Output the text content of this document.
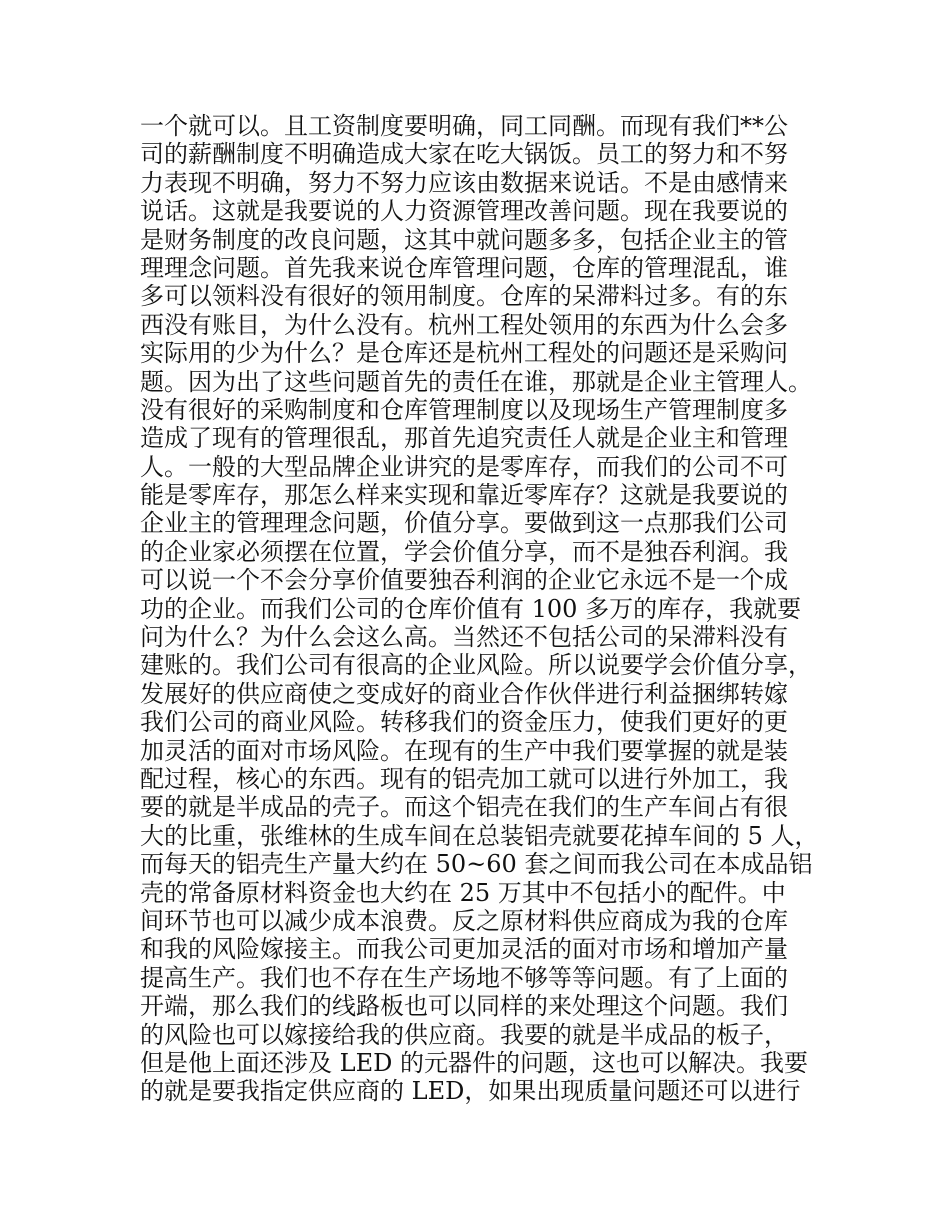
一个就可以。且工资制度要明确，同工同酬。而现有我们**公
司的薪酬制度不明确造成大家在吃大锅饭。员工的努力和不努
力表现不明确，努力不努力应该由数据来说话。不是由感情来
说话。这就是我要说的人力资源管理改善问题。现在我要说的
是财务制度的改良问题，这其中就问题多多，包括企业主的管
理理念问题。首先我来说仓库管理问题，仓库的管理混乱，谁
多可以领料没有很好的领用制度。仓库的呆滞料过多。有的东
西没有账目，为什么没有。杭州工程处领用的东西为什么会多
实际用的少为什么？是仓库还是杭州工程处的问题还是采购问
题。因为出了这些问题首先的责任在谁，那就是企业主管理人。
没有很好的采购制度和仓库管理制度以及现场生产管理制度多
造成了现有的管理很乱，那首先追究责任人就是企业主和管理
人。一般的大型品牌企业讲究的是零库存，而我们的公司不可
能是零库存，那怎么样来实现和靠近零库存？这就是我要说的
企业主的管理理念问题，价值分享。要做到这一点那我们公司
的企业家必须摆在位置，学会价值分享，而不是独吞利润。我
可以说一个不会分享价值要独吞利润的企业它永远不是一个成
功的企业。而我们公司的仓库价值有 100 多万的库存，我就要
问为什么？为什么会这么高。当然还不包括公司的呆滞料没有
建账的。我们公司有很高的企业风险。所以说要学会价值分享，
发展好的供应商使之变成好的商业合作伙伴进行利益捆绑转嫁
我们公司的商业风险。转移我们的资金压力，使我们更好的更
加灵活的面对市场风险。在现有的生产中我们要掌握的就是装
配过程，核心的东西。现有的铝壳加工就可以进行外加工，我
要的就是半成品的壳子。而这个铝壳在我们的生产车间占有很
大的比重，张维林的生成车间在总装铝壳就要花掉车间的 5 人，
而每天的铝壳生产量大约在 50~60 套之间而我公司在本成品铝
壳的常备原材料资金也大约在 25 万其中不包括小的配件。中
间环节也可以减少成本浪费。反之原材料供应商成为我的仓库
和我的风险嫁接主。而我公司更加灵活的面对市场和增加产量
提高生产。我们也不存在生产场地不够等等问题。有了上面的
开端，那么我们的线路板也可以同样的来处理这个问题。我们
的风险也可以嫁接给我的供应商。我要的就是半成品的板子，
但是他上面还涉及 LED 的元器件的问题，这也可以解决。我要
的就是要我指定供应商的 LED，如果出现质量问题还可以进行
